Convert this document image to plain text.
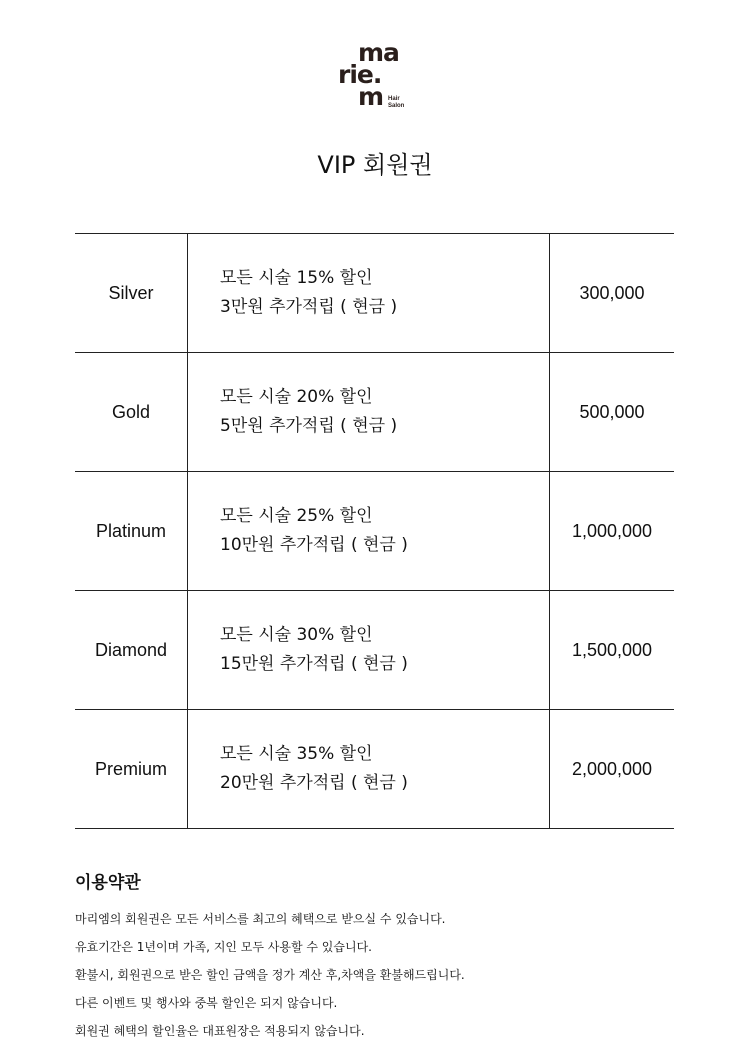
ma
rie.
m Hair
Salon
VIP 회원권
Silver
모든 시술 15% 할인
3만원 추가적립 ( 현금 )
300,000
Gold
모든 시술 20% 할인
5만원 추가적립 ( 현금 )
500,000
Platinum
모든 시술 25% 할인
10만원 추가적립 ( 현금 )
1,000,000
Diamond
모든 시술 30% 할인
15만원 추가적립 ( 현금 )
1,500,000
Premium
모든 시술 35% 할인
20만원 추가적립 ( 현금 )
2,000,000
이용약관
마리엠의 회원권은 모든 서비스를 최고의 혜택으로 받으실 수 있습니다.
유효기간은 1년이며 가족, 지인 모두 사용할 수 있습니다.
환불시, 회원권으로 받은 할인 금액을 정가 계산 후,차액을 환불해드립니다.
다른 이벤트 및 행사와 중복 할인은 되지 않습니다.
회원권 혜택의 할인율은 대표원장은 적용되지 않습니다.
